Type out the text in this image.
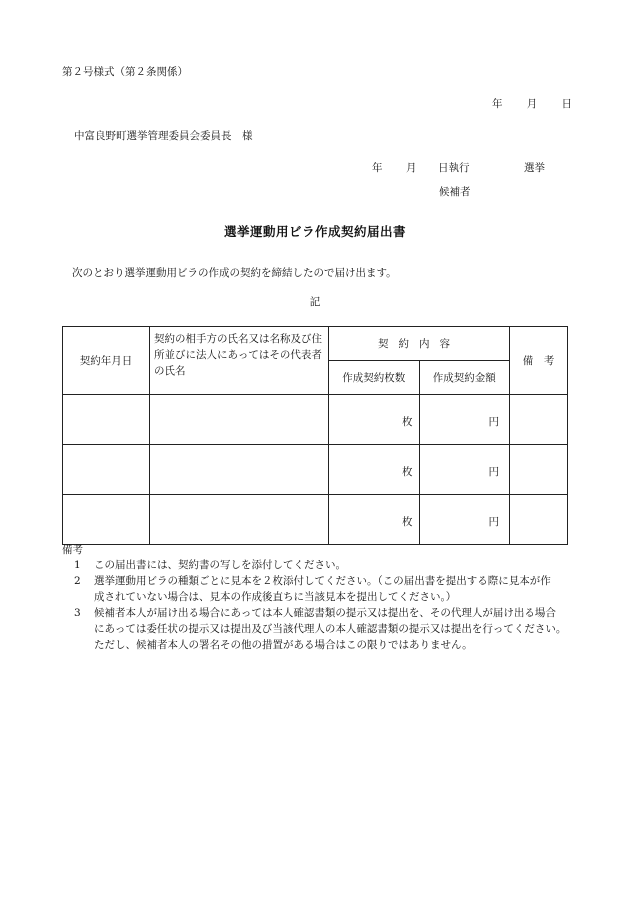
第２号様式（第２条関係）
年 月 日
中富良野町選挙管理委員会委員長　様
年 月 日執行	選挙
候補者
選挙運動用ビラ作成契約届出書
次のとおり選挙運動用ビラの作成の契約を締結したので届け出ます。
記
契約年月日	契約の相手方の氏名又は名称及び住所並びに法人にあってはその代表者の氏名	契約内容		備　考
		作成契約枚数	作成契約金額	
		枚	円	
		枚	円	
		枚	円	
備考
1 この届出書には、契約書の写しを添付してください。
2 選挙運動用ビラの種類ごとに見本を２枚添付してください。（この届出書を提出する際に見本が作
成されていない場合は、見本の作成後直ちに当該見本を提出してください。）
3 候補者本人が届け出る場合にあっては本人確認書類の提示又は提出を、その代理人が届け出る場合
にあっては委任状の提示又は提出及び当該代理人の本人確認書類の提示又は提出を行ってください。
ただし、候補者本人の署名その他の措置がある場合はこの限りではありません。
